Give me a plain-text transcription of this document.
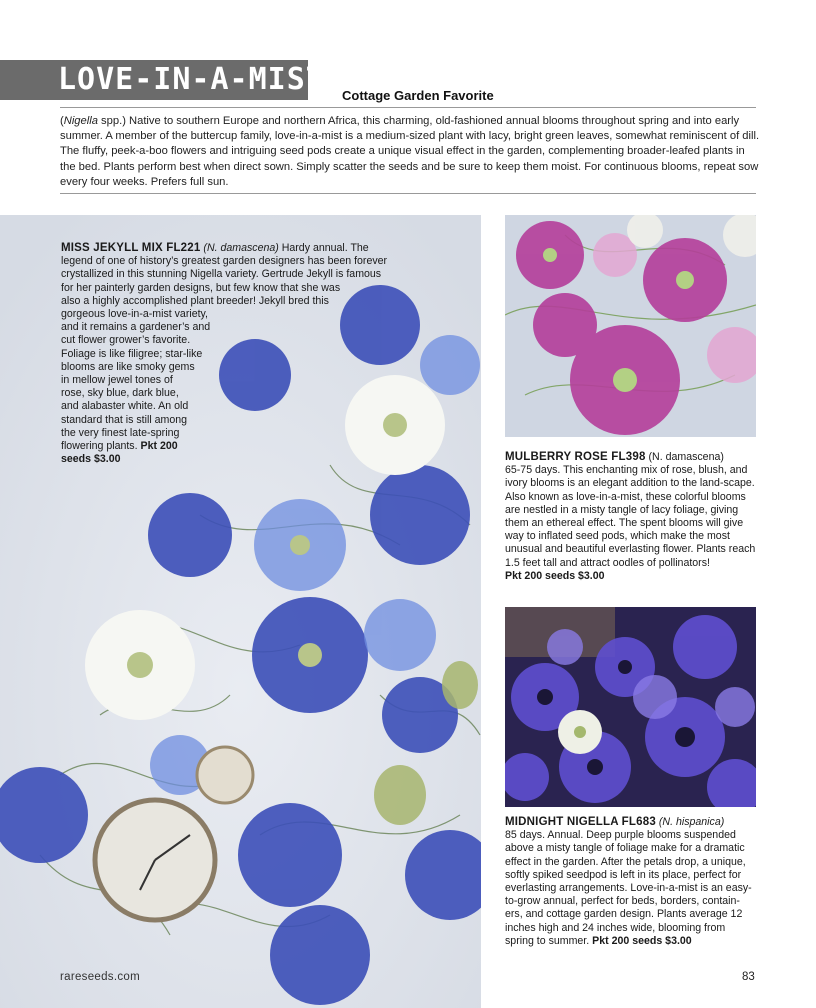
LOVE-IN-A-MIST Cottage Garden Favorite
(Nigella spp.) Native to southern Europe and northern Africa, this charming, old-fashioned annual blooms throughout spring and into early summer. A member of the buttercup family, love-in-a-mist is a medium-sized plant with lacy, bright green leaves, somewhat reminiscent of dill. The fluffy, peek-a-boo flowers and intriguing seed pods create a unique visual effect in the garden, complementing broader-leafed plants in the bed. Plants perform best when direct sown. Simply scatter the seeds and be sure to keep them moist. For continuous blooms, repeat sow every four weeks. Prefers full sun.
MISS JEKYLL MIX FL221 (N. damascena) Hardy annual. The
legend of one of history’s greatest garden designers has been forever
crystallized in this stunning Nigella variety. Gertrude Jekyll is famous
for her painterly garden designs, but few know that she was
also a highly accomplished plant breeder! Jekyll bred this
gorgeous love-in-a-mist variety,
and it remains a gardener’s and
cut flower grower’s favorite.
Foliage is like filigree; star-like
blooms are like smoky gems
in mellow jewel tones of
rose, sky blue, dark blue,
and alabaster white. An old
standard that is still among
the very finest late-spring
flowering plants. Pkt 200
seeds $3.00	MULBERRY ROSE FL398 (N. damascena)
65-75 days. This enchanting mix of rose, blush, and ivory blooms is an elegant addition to the land-scape. Also known as love-in-a-mist, these colorful blooms are nestled in a misty tangle of lacy foliage, giving them an ethereal effect. The spent blooms will give way to inflated seed pods, which make the most unusual and beautiful everlasting flower. Plants reach 1.5 feet tall and attract oodles of pollinators!
Pkt 200 seeds $3.00
MIDNIGHT NIGELLA FL683 (N. hispanica)
85 days. Annual. Deep purple blooms suspended above a misty tangle of foliage make for a dramatic effect in the garden. After the petals drop, a unique, softly spiked seedpod is left in its place, perfect for everlasting arrangements. Love-in-a-mist is an easy-to-grow annual, perfect for beds, borders, contain-ers, and cottage garden design. Plants average 12 inches high and 24 inches wide, blooming from spring to summer. Pkt 200 seeds $3.00
rareseeds.com	83
